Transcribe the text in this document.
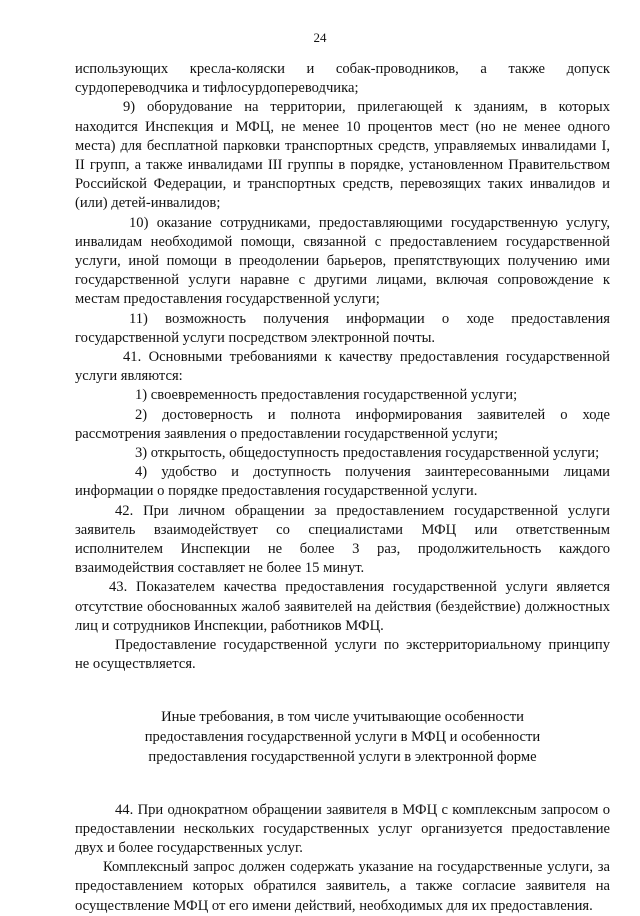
24

использующих кресла-коляски и собак-проводников, а также допуск сурдопереводчика и тифлосурдопереводчика;

9) оборудование на территории, прилегающей к зданиям, в которых находится Инспекция и МФЦ, не менее 10 процентов мест (но не менее одного места) для бесплатной парковки транспортных средств, управляемых инвалидами I, II групп, а также инвалидами III группы в порядке, установленном Правительством Российской Федерации, и транспортных средств, перевозящих таких инвалидов и (или) детей-инвалидов;

10) оказание сотрудниками, предоставляющими государственную услугу, инвалидам необходимой помощи, связанной с предоставлением государственной услуги, иной помощи в преодолении барьеров, препятствующих получению ими государственной услуги наравне с другими лицами, включая сопровождение к местам предоставления государственной услуги;

11) возможность получения информации о ходе предоставления государственной услуги посредством электронной почты.

41. Основными требованиями к качеству предоставления государственной услуги являются:

1) своевременность предоставления государственной услуги;

2) достоверность и полнота информирования заявителей о ходе рассмотрения заявления о предоставлении государственной услуги;

3) открытость, общедоступность предоставления государственной услуги;

4) удобство и доступность получения заинтересованными лицами информации о порядке предоставления государственной услуги.

42. При личном обращении за предоставлением государственной услуги заявитель взаимодействует со специалистами МФЦ или ответственным исполнителем Инспекции не более 3 раз, продолжительность каждого взаимодействия составляет не более 15 минут.

43. Показателем качества предоставления государственной услуги является отсутствие обоснованных жалоб заявителей на действия (бездействие) должностных лиц и сотрудников Инспекции, работников МФЦ.

Предоставление государственной услуги по экстерриториальному принципу не осуществляется.

Иные требования, в том числе учитывающие особенности
предоставления государственной услуги в МФЦ и особенности
предоставления государственной услуги в электронной форме

44. При однократном обращении заявителя в МФЦ с комплексным запросом о предоставлении нескольких государственных услуг организуется предоставление двух и более государственных услуг.

Комплексный запрос должен содержать указание на государственные услуги, за предоставлением которых обратился заявитель, а также согласие заявителя на осуществление МФЦ от его имени действий, необходимых для их предоставления.
